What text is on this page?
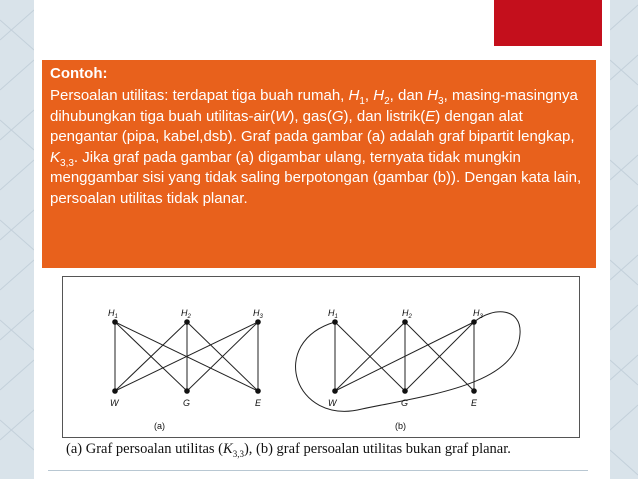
Contoh:

Persoalan utilitas: terdapat tiga buah rumah, $H_1$, $H_2$, dan $H_3$, masing-masingnya dihubungkan tiga buah utilitas-air(W), gas(G), dan listrik(E) dengan alat pengantar (pipa, kabel,dsb). Graf pada gambar (a) adalah graf bipartit lengkap, $K_{3,3}$. Jika graf pada gambar (a) digambar ulang, ternyata tidak mungkin menggambar sisi yang tidak saling berpotongan (gambar (b)). Dengan kata lain, persoalan utilitas tidak planar.

$H_1$	$H_2$	$H_3$
W	G	E
(a)
$H_1$	$H_2$	$H_3$
W	G	E
(b)
(a) Graf persoalan utilitas $(K_{3,3})$, (b) graf persoalan utilitas bukan graf planar.
